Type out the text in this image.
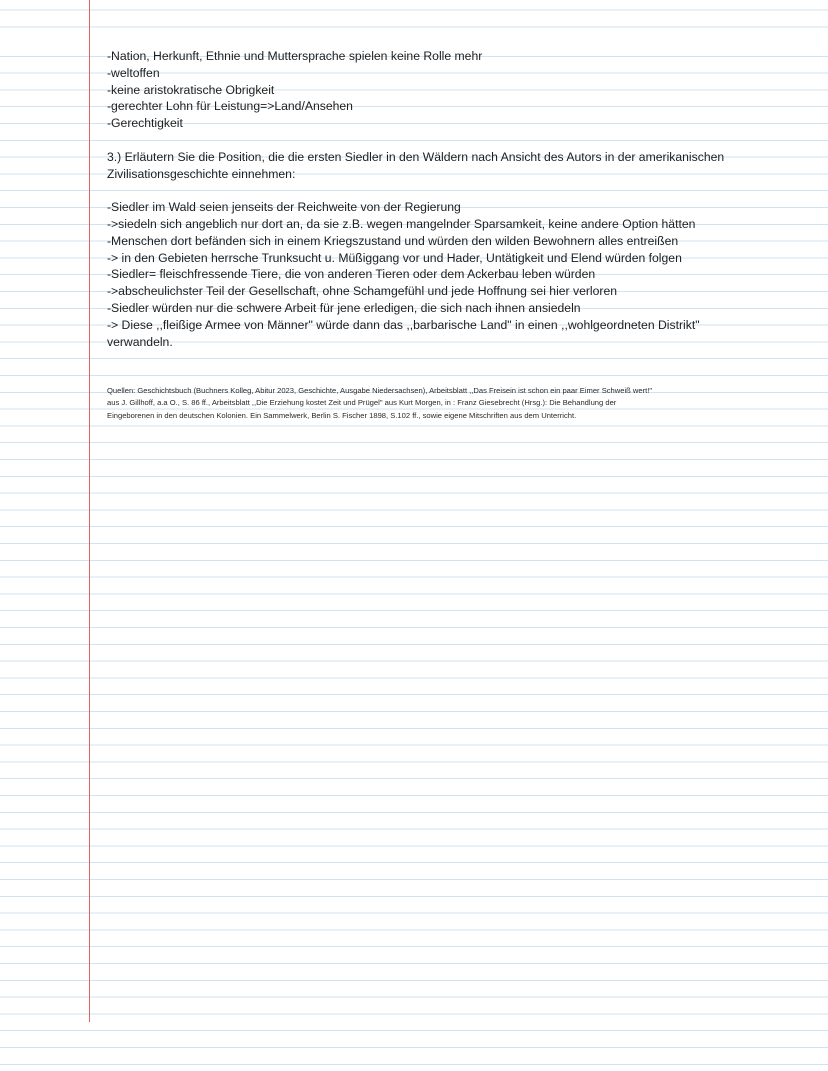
-Nation, Herkunft, Ethnie und Muttersprache spielen keine Rolle mehr

-weltoffen

-keine aristokratische Obrigkeit

-gerechter Lohn für Leistung=>Land/Ansehen

-Gerechtigkeit

3.) Erläutern Sie die Position, die die ersten Siedler in den Wäldern nach Ansicht des Autors in der amerikanischen

Zivilisationsgeschichte einnehmen:

-Siedler im Wald seien jenseits der Reichweite von der Regierung

->siedeln sich angeblich nur dort an, da sie z.B. wegen mangelnder Sparsamkeit, keine andere Option hätten

-Menschen dort befänden sich in einem Kriegszustand und würden den wilden Bewohnern alles entreißen

-> in den Gebieten herrsche Trunksucht u. Müßiggang vor und Hader, Untätigkeit und Elend würden folgen

-Siedler= fleischfressende Tiere, die von anderen Tieren oder dem Ackerbau leben würden

->abscheulichster Teil der Gesellschaft, ohne Schamgefühl und jede Hoffnung sei hier verloren

-Siedler würden nur die schwere Arbeit für jene erledigen, die sich nach ihnen ansiedeln

-> Diese ,,fleißige Armee von Männer" würde dann das ,,barbarische Land" in einen ,,wohlgeordneten Distrikt"

verwandeln.

Quellen: Geschichtsbuch (Buchners Kolleg, Abitur 2023, Geschichte, Ausgabe Niedersachsen), Arbeitsblatt ,,Das Freisein ist schon ein paar Eimer Schweiß wert!"
aus J. Gillhoff, a.a O., S. 86 ff., Arbeitsblatt ,,Die Erziehung kostet Zeit und Prügel" aus Kurt Morgen, in : Franz Giesebrecht (Hrsg.): Die Behandlung der
Eingeborenen in den deutschen Kolonien. Ein Sammelwerk, Berlin S. Fischer 1898, S.102 ff., sowie eigene Mitschriften aus dem Unterricht.
